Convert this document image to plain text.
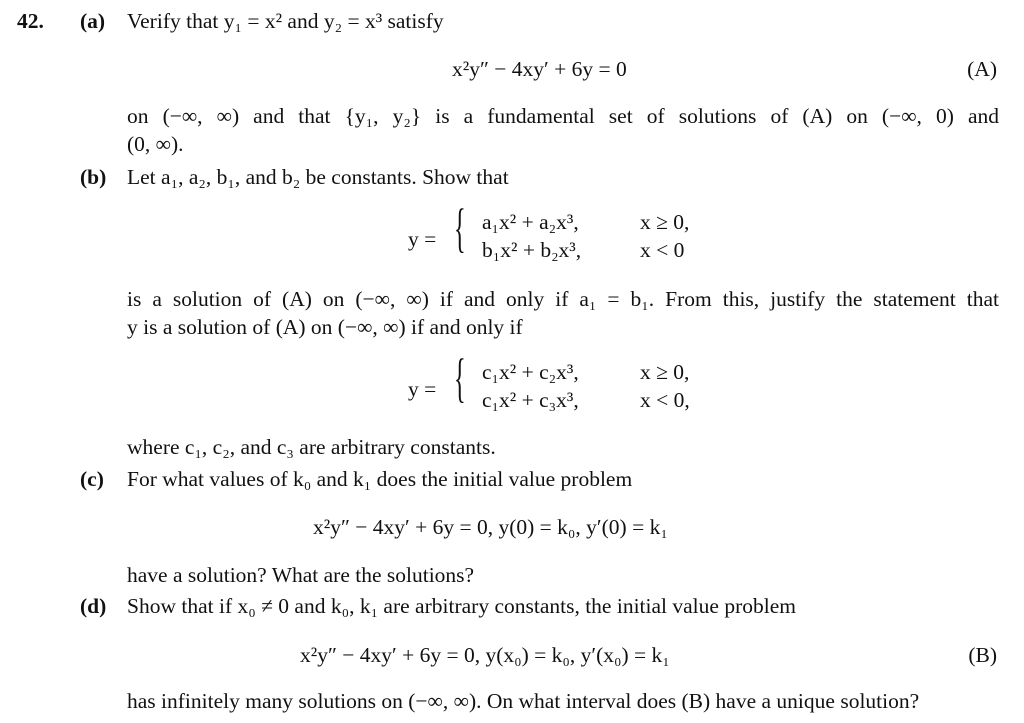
42. (a) Verify that y₁ = x² and y₂ = x³ satisfy
x²y″ − 4xy′ + 6y = 0	(A)
on (−∞, ∞) and that {y₁, y₂} is a fundamental set of solutions of (A) on (−∞, 0) and
(0, ∞).
(b) Let a₁, a₂, b₁, and b₂ be constants. Show that
y = { a₁x² + a₂x³,	x ≥ 0,
b₁x² + b₂x³,	x < 0
is a solution of (A) on (−∞, ∞) if and only if a₁ = b₁. From this, justify the statement that
y is a solution of (A) on (−∞, ∞) if and only if
y = { c₁x² + c₂x³,	x ≥ 0,
c₁x² + c₃x³,	x < 0,
where c₁, c₂, and c₃ are arbitrary constants.
(c) For what values of k₀ and k₁ does the initial value problem
x²y″ − 4xy′ + 6y = 0, y(0) = k₀, y′(0) = k₁
have a solution? What are the solutions?
(d) Show that if x₀ ≠ 0 and k₀, k₁ are arbitrary constants, the initial value problem
x²y″ − 4xy′ + 6y = 0, y(x₀) = k₀, y′(x₀) = k₁	(B)
has infinitely many solutions on (−∞, ∞). On what interval does (B) have a unique solution?
